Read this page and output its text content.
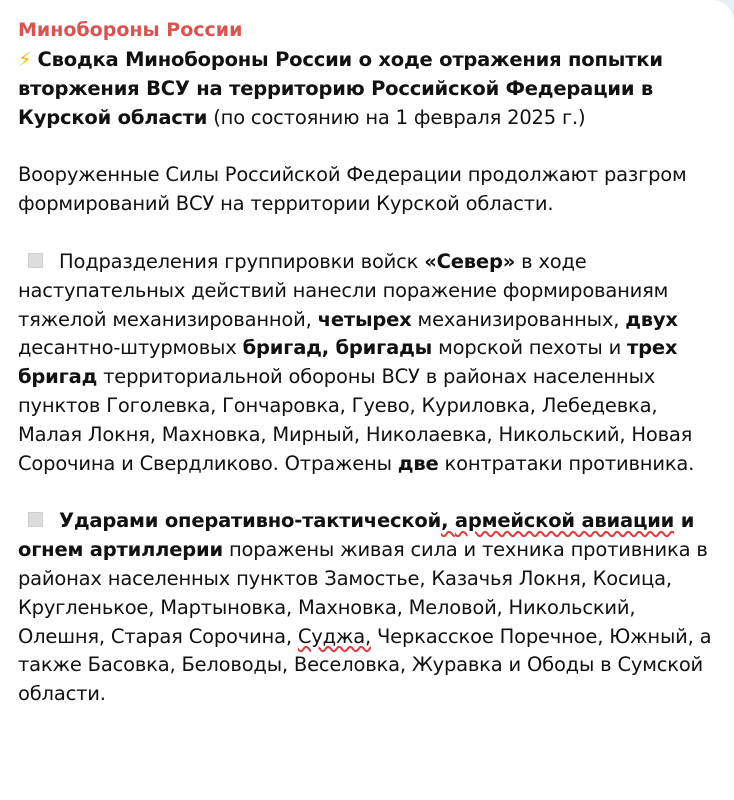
Минобороны России

⚡ Сводка Минобороны России о ходе отражения попытки вторжения ВСУ на территорию Российской Федерации в Курской области (по состоянию на 1 февраля 2025 г.)

Вооруженные Силы Российской Федерации продолжают разгром формирований ВСУ на территории Курской области.

Подразделения группировки войск «Север» в ходе наступательных действий нанесли поражение формированиям тяжелой механизированной, четырех механизированных, двух десантно-штурмовых бригад, бригады морской пехоты и трех бригад территориальной обороны ВСУ в районах населенных пунктов Гоголевка, Гончаровка, Гуево, Куриловка, Лебедевка, Малая Локня, Махновка, Мирный, Николаевка, Никольский, Новая Сорочина и Свердликово. Отражены две контратаки противника.

Ударами оперативно-тактической, армейской авиации и огнем артиллерии поражены живая сила и техника противника в районах населенных пунктов Замостье, Казачья Локня, Косица, Кругленькое, Мартыновка, Махновка, Меловой, Никольский, Олешня, Старая Сорочина, Суджа, Черкасское Поречное, Южный, а также Басовка, Беловоды, Веселовка, Журавка и Ободы в Сумской области.
